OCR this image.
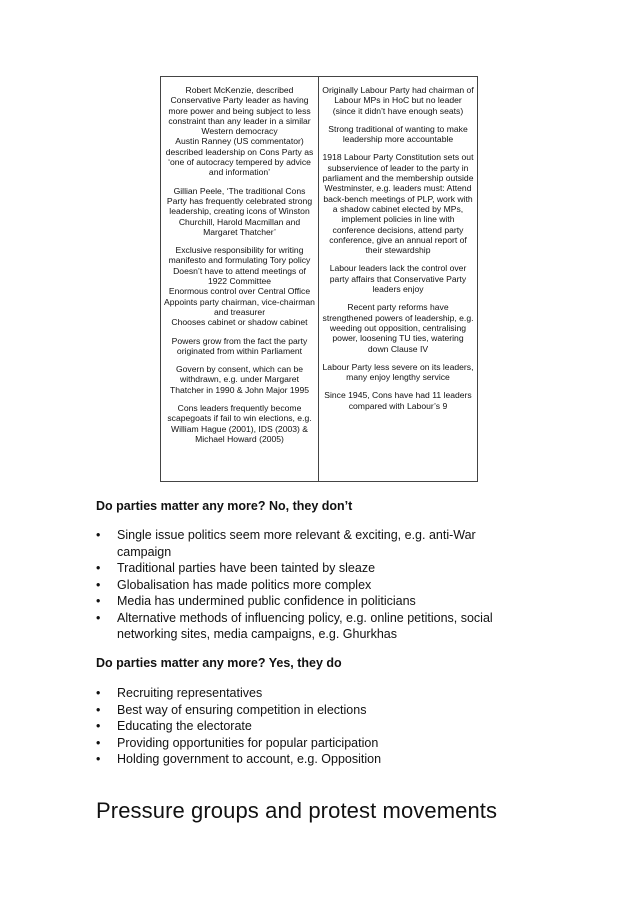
Robert McKenzie, described Conservative Party leader as having more power and being subject to less constraint than any leader in a similar Western democracy

Austin Ranney (US commentator) described leadership on Cons Party as ‘one of autocracy tempered by advice and information’

Gillian Peele, ‘The traditional Cons Party has frequently celebrated strong leadership, creating icons of Winston Churchill, Harold Macmillan and Margaret Thatcher’

Exclusive responsibility for writing manifesto and formulating Tory policy

Doesn’t have to attend meetings of 1922 Committee

Enormous control over Central Office

Appoints party chairman, vice-chairman and treasurer

Chooses cabinet or shadow cabinet

Powers grow from the fact the party originated from within Parliament

Govern by consent, which can be withdrawn, e.g. under Margaret Thatcher in 1990 & John Major 1995

Cons leaders frequently become scapegoats if fail to win elections, e.g. William Hague (2001), IDS (2003) & Michael Howard (2005)

Originally Labour Party had chairman of Labour MPs in HoC but no leader (since it didn’t have enough seats)

Strong traditional of wanting to make leadership more accountable

1918 Labour Party Constitution sets out subservience of leader to the party in parliament and the membership outside

Westminster, e.g. leaders must: Attend back-bench meetings of PLP, work with a shadow cabinet elected by MPs, implement policies in line with conference decisions, attend party conference, give an annual report of their stewardship

Labour leaders lack the control over party affairs that Conservative Party leaders enjoy

Recent party reforms have strengthened powers of leadership, e.g. weeding out opposition, centralising power, loosening TU ties, watering down Clause IV

Labour Party less severe on its leaders, many enjoy lengthy service

Since 1945, Cons have had 11 leaders compared with Labour’s 9

Do parties matter any more? No, they don’t

• Single issue politics seem more relevant & exciting, e.g. anti-War campaign
• Traditional parties have been tainted by sleaze
• Globalisation has made politics more complex
• Media has undermined public confidence in politicians
• Alternative methods of influencing policy, e.g. online petitions, social networking sites, media campaigns, e.g. Ghurkhas

Do parties matter any more? Yes, they do

• Recruiting representatives
• Best way of ensuring competition in elections
• Educating the electorate
• Providing opportunities for popular participation
• Holding government to account, e.g. Opposition
Pressure groups and protest movements
